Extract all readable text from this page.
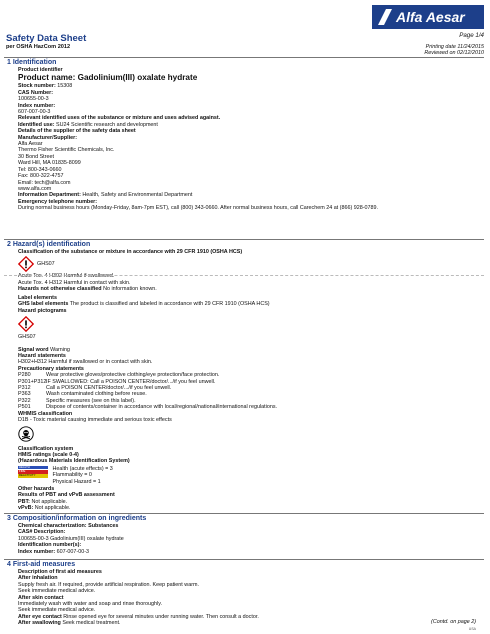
Alfa Aesar
Safety Data Sheet
per OSHA HazCom 2012
Page 1/4
Printing date 11/24/2015
Reviewed on 02/12/2010
1 Identification
Product identifier
Product name: Gadolinium(III) oxalate hydrate
Stock number: 15308
CAS Number:
100655-00-3
Index number:
607-007-00-3
Relevant identified uses of the substance or mixture and uses advised against.
Identified use: SU24 Scientific research and development
Details of the supplier of the safety data sheet
Manufacturer/Supplier:
Alfa Aesar
Thermo Fisher Scientific Chemicals, Inc.
30 Bond Street
Ward Hill, MA 01835-8099
Tel: 800-343-0660
Fax: 800-322-4757
Email: tech@alfa.com
www.alfa.com
Information Department: Health, Safety and Environmental Department
Emergency telephone number:
During normal business hours (Monday-Friday, 8am-7pm EST), call (800) 343-0660. After normal business hours, call Carechem 24 at (866) 928-0789.
2 Hazard(s) identification
Classification of the substance or mixture in accordance with 29 CFR 1910 (OSHA HCS)
GHS07
Acute Tox. 4 H302 Harmful if swallowed.
Acute Tox. 4 H312 Harmful in contact with skin.
Hazards not otherwise classified No information known.
Label elements
GHS label elements The product is classified and labeled in accordance with 29 CFR 1910 (OSHA HCS)
Hazard pictograms
GHS07
Signal word Warning
Hazard statements
H302+H312 Harmful if swallowed or in contact with skin.
Precautionary statements
P280	Wear protective gloves/protective clothing/eye protection/face protection.
P301+P312 IF SWALLOWED: Call a POISON CENTER/doctor/.../if you feel unwell.
P312	Call a POISON CENTER/doctor/.../if you feel unwell.
P363	Wash contaminated clothing before reuse.
P322	Specific measures (see on this label).
P501	Dispose of contents/container in accordance with local/regional/national/international regulations.
WHMIS classification
D1B - Toxic material causing immediate and serious toxic effects
Classification system
HMIS ratings (scale 0-4)
(Hazardous Materials Identification System)
HEALTH
FIRE
REACTIVITY

Health (acute effects) = 3
Flammability = 0
Physical Hazard = 1
Other hazards
Results of PBT and vPvB assessment
PBT: Not applicable.
vPvB: Not applicable.
3 Composition/information on ingredients
Chemical characterization: Substances
CAS# Description:
100655-00-3 Gadolinium(III) oxalate hydrate
Identification number(s):
Index number: 607-007-00-3
4 First-aid measures
Description of first aid measures
After inhalation
Supply fresh air. If required, provide artificial respiration. Keep patient warm.
Seek immediate medical advice.
After skin contact
Immediately wash with water and soap and rinse thoroughly.
Seek immediate medical advice.
After eye contact Rinse opened eye for several minutes under running water. Then consult a doctor.
After swallowing Seek medical treatment.	(Contd. on page 2)
USA
